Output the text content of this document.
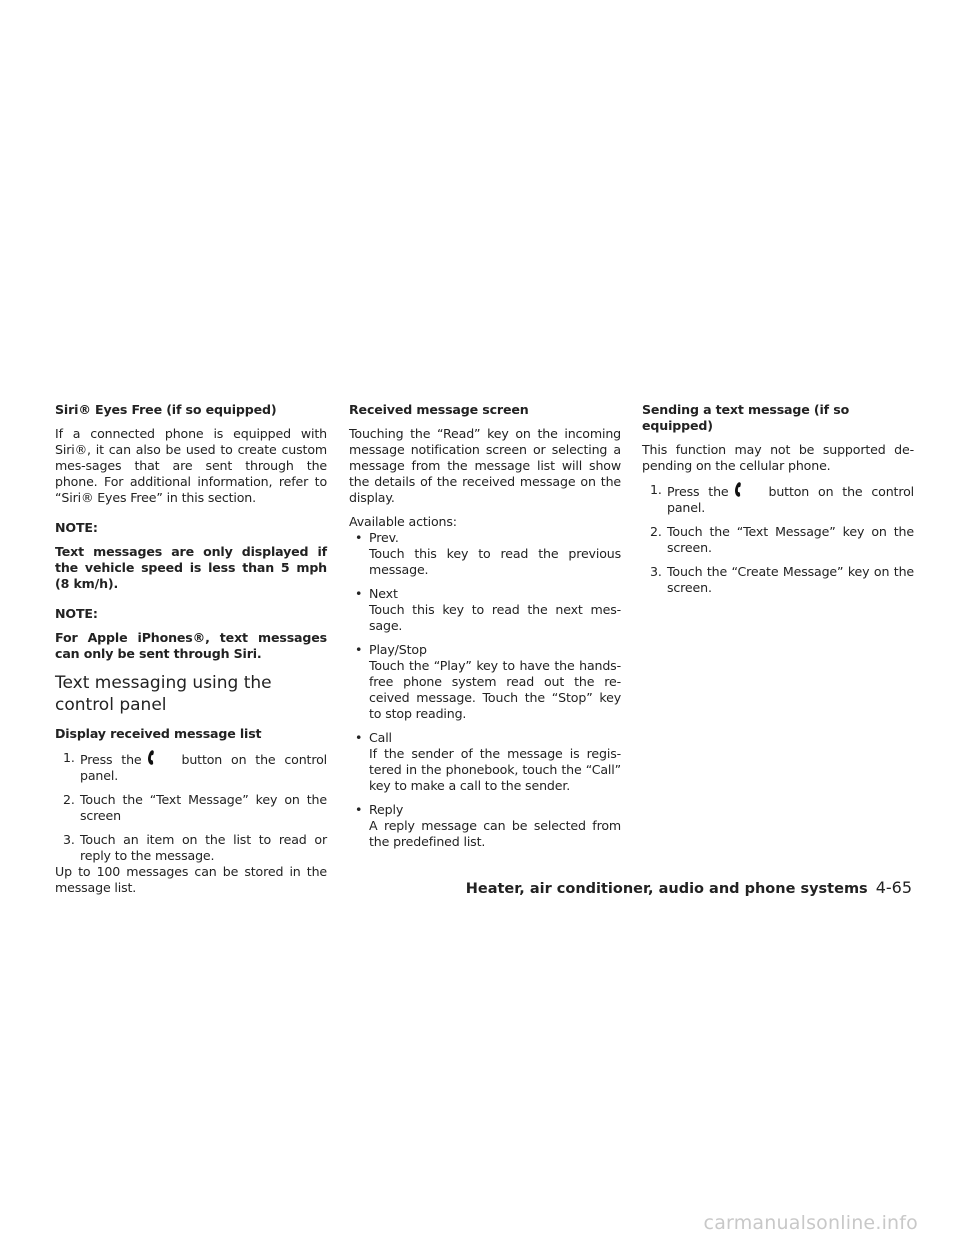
Siri® Eyes Free (if so equipped)
If a connected phone is equipped with Siri®, it can also be used to create custom mes-sages that are sent through the phone. For additional information, refer to “Siri® Eyes Free” in this section.
NOTE:
Text messages are only displayed if the vehicle speed is less than 5 mph (8 km/h).
NOTE:
For Apple iPhones®, text messages can only be sent through Siri.
Text messaging using the control panel
Display received message list
1. Press the	button on the control panel.
2. Touch the “Text Message” key on the screen
3. Touch an item on the list to read or reply to the message.
Up to 100 messages can be stored in the message list.
Received message screen
Touching the “Read” key on the incoming message notification screen or selecting a message from the message list will show the details of the received message on the display.
Available actions:
• Prev.
Touch this key to read the previous message.
• Next
Touch this key to read the next mes-sage.
• Play/Stop
Touch the “Play” key to have the hands-free phone system read out the re-ceived message. Touch the “Stop” key to stop reading.
• Call
If the sender of the message is regis-tered in the phonebook, touch the “Call” key to make a call to the sender.
• Reply
A reply message can be selected from the predefined list.
Sending a text message (if so equipped)
This function may not be supported de-pending on the cellular phone.
1. Press the	button on the control panel.
2. Touch the “Text Message” key on the screen.
3. Touch the “Create Message” key on the screen.
Heater, air conditioner, audio and phone systems 4-65
carmanualsonline.info
